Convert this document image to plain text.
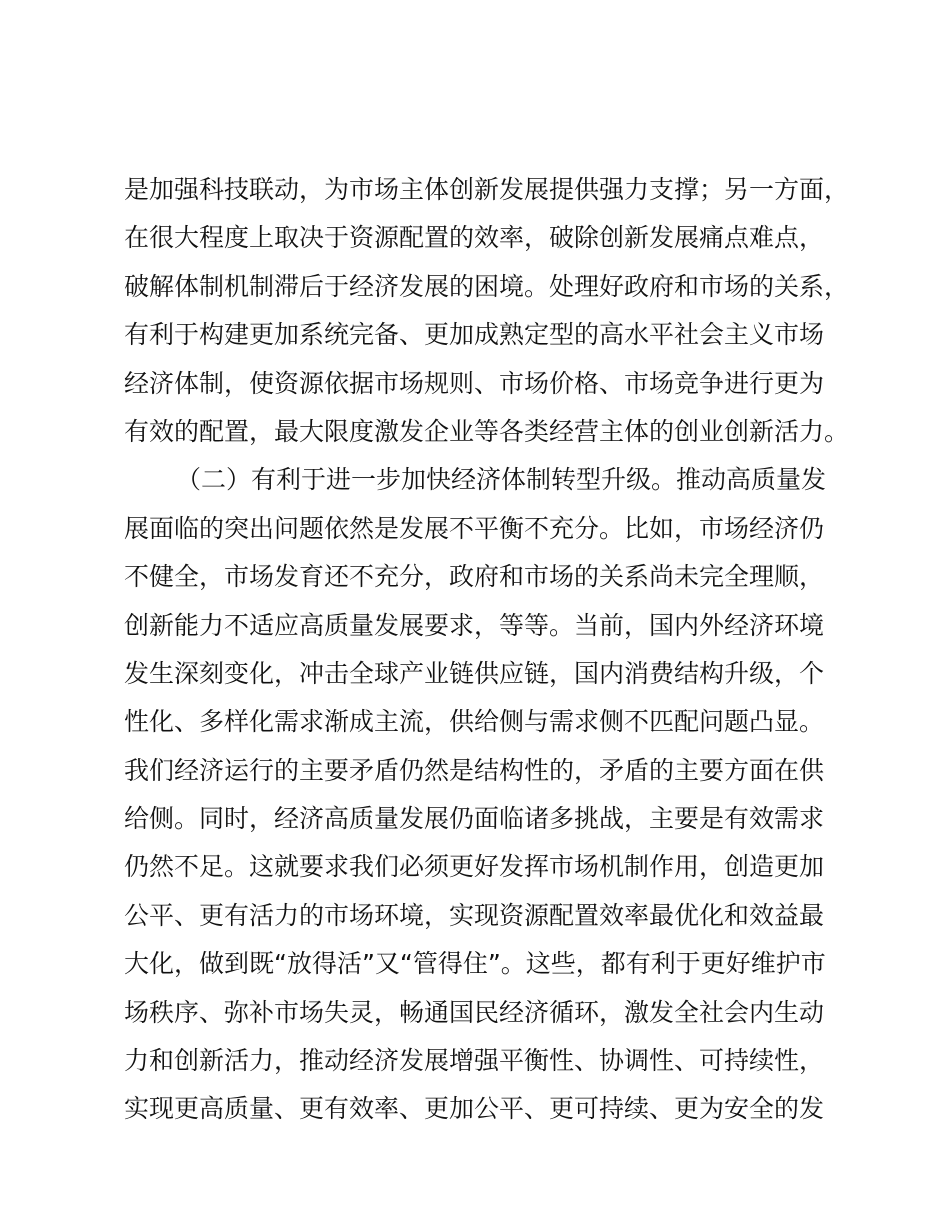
是加强科技联动，为市场主体创新发展提供强力支撑；另一方面，
在很大程度上取决于资源配置的效率，破除创新发展痛点难点，
破解体制机制滞后于经济发展的困境。处理好政府和市场的关系，
有利于构建更加系统完备、更加成熟定型的高水平社会主义市场
经济体制，使资源依据市场规则、市场价格、市场竞争进行更为
有效的配置，最大限度激发企业等各类经营主体的创业创新活力。
（二）有利于进一步加快经济体制转型升级。推动高质量发
展面临的突出问题依然是发展不平衡不充分。比如，市场经济仍
不健全，市场发育还不充分，政府和市场的关系尚未完全理顺，
创新能力不适应高质量发展要求，等等。当前，国内外经济环境
发生深刻变化，冲击全球产业链供应链，国内消费结构升级，个
性化、多样化需求渐成主流，供给侧与需求侧不匹配问题凸显。
我们经济运行的主要矛盾仍然是结构性的，矛盾的主要方面在供
给侧。同时，经济高质量发展仍面临诸多挑战，主要是有效需求
仍然不足。这就要求我们必须更好发挥市场机制作用，创造更加
公平、更有活力的市场环境，实现资源配置效率最优化和效益最
大化，做到既“放得活”又“管得住”。这些，都有利于更好维护市
场秩序、弥补市场失灵，畅通国民经济循环，激发全社会内生动
力和创新活力，推动经济发展增强平衡性、协调性、可持续性，
实现更高质量、更有效率、更加公平、更可持续、更为安全的发
